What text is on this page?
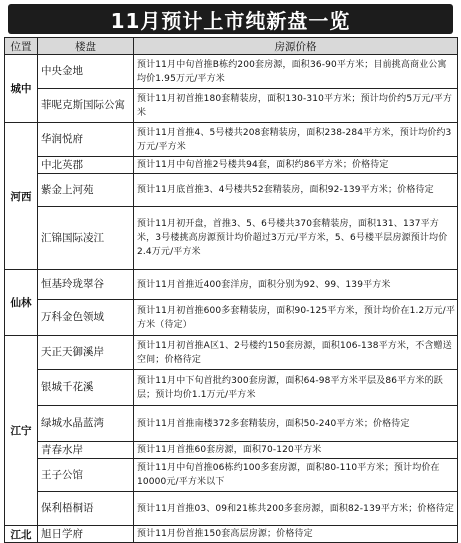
11月预计上市纯新盘一览
位置	楼盘	房源价格
城中	中央金地	预计11月中旬首推B栋约200套房源，面积36-90平方米；目前挑高商业公寓均价1.95万元/平方米
	菲呢克斯国际公寓	预计11月初首推180套精装房，面积130-310平方米；预计均价约5万元/平方米
河西	华润悦府	预计11月首推4、5号楼共208套精装房，面积238-284平方米，预计均价约3万元/平方米
	中北英郡	预计11月中旬首推2号楼共94套，面积约86平方米；价格待定
	紫金上河苑	预计11月底首推3、4号楼共52套精装房，面积92-139平方米；价格待定
	汇锦国际凌江	预计11月初开盘，首推3、5、6号楼共370套精装房，面积131、137平方米，3号楼挑高房源预计均价超过3万元/平方米，5、6号楼平层房源预计均价2.4万元/平方米
仙林	恒基玲珑翠谷	预计11月首推近400套洋房，面积分别为92、99、139平方米
	万科金色领域	预计11月初首推600多套精装房，面积90-125平方米，预计均价在1.2万元/平方米（待定）
江宁	天正天御溪岸	预计11月初首推A区1、2号楼约150套房源，面积106-138平方米，不含赠送空间；价格待定
	银城千花溪	预计11月中下旬首批约300套房源，面积64-98平方米平层及86平方米的跃层；预计均价1.1万元/平方米
	绿城水晶蓝湾	预计11月首推南楼372多套精装房，面积50-240平方米；价格待定
	青春水岸	预计11月首推60套房源，面积70-120平方米
	王子公馆	预计11月中旬首推06栋约100多套房源，面积80-110平方米；预计均价在10000元/平方米以下
	保利梧桐语	预计11月首推03、09和21栋共200多套房源，面积82-139平方米；价格待定
江北	旭日学府	预计11月份首推150套高层房源；价格待定
